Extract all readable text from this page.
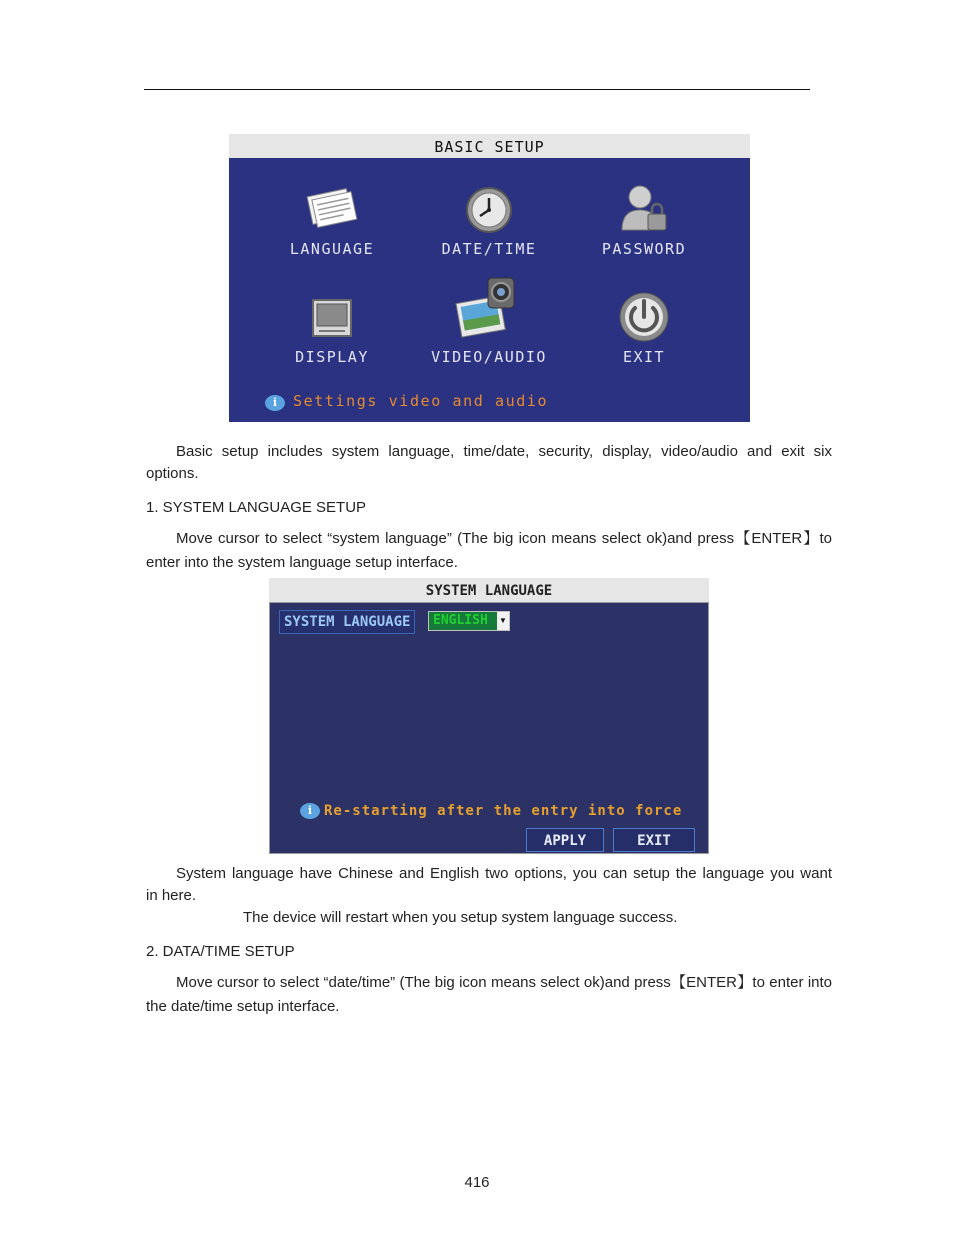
BASIC SETUP
LANGUAGE	DATE/TIME	PASSWORD
DISPLAY	VIDEO/AUDIO	EXIT
i	Settings video and audio
Basic setup includes system language, time/date, security, display, video/audio and exit six
options.
1. SYSTEM LANGUAGE SETUP
Move cursor to select “system language” (The big icon means select ok)and press【ENTER】to
enter into the system language setup interface.
SYSTEM LANGUAGE
SYSTEM LANGUAGE	ENGLISH ▼
i Re-starting after the entry into force
APPLY	EXIT
System language have Chinese and English two options, you can setup the language you want
in here.
The device will restart when you setup system language success.
2. DATA/TIME SETUP
Move cursor to select “date/time” (The big icon means select ok)and press【ENTER】to enter into
the date/time setup interface.
416
